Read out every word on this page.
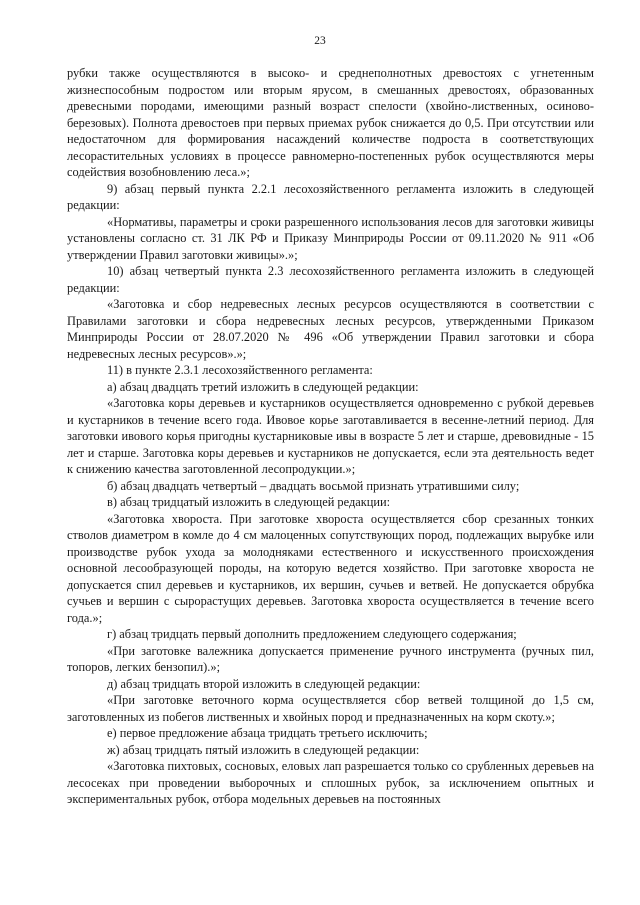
23

рубки также осуществляются в высоко- и среднеполнотных древостоях с угнетенным жизнеспособным подростом или вторым ярусом, в смешанных древостоях, образованных древесными породами, имеющими разный возраст спелости (хвойно-лиственных, осиново-березовых). Полнота древостоев при первых приемах рубок снижается до 0,5. При отсутствии или недостаточном для формирования насаждений количестве подроста в соответствующих лесорастительных условиях в процессе равномерно-постепенных рубок осуществляются меры содействия возобновлению леса.»;

9) абзац первый пункта 2.2.1 лесохозяйственного регламента изложить в следующей редакции:

«Нормативы, параметры и сроки разрешенного использования лесов для заготовки живицы установлены согласно ст. 31 ЛК РФ и Приказу Минприроды России от 09.11.2020 № 911 «Об утверждении Правил заготовки живицы».»;

10) абзац четвертый пункта 2.3 лесохозяйственного регламента изложить в следующей редакции:

«Заготовка и сбор недревесных лесных ресурсов осуществляются в соответствии с Правилами заготовки и сбора недревесных лесных ресурсов, утвержденными Приказом Минприроды России от 28.07.2020 № 496 «Об утверждении Правил заготовки и сбора недревесных лесных ресурсов».»;

11) в пункте 2.3.1 лесохозяйственного регламента:

а) абзац двадцать третий изложить в следующей редакции:

«Заготовка коры деревьев и кустарников осуществляется одновременно с рубкой деревьев и кустарников в течение всего года. Ивовое корье заготавливается в весенне-летний период. Для заготовки ивового корья пригодны кустарниковые ивы в возрасте 5 лет и старше, древовидные - 15 лет и старше. Заготовка коры деревьев и кустарников не допускается, если эта деятельность ведет к снижению качества заготовленной лесопродукции.»;

б) абзац двадцать четвертый – двадцать восьмой признать утратившими силу;

в) абзац тридцатый изложить в следующей редакции:

«Заготовка хвороста. При заготовке хвороста осуществляется сбор срезанных тонких стволов диаметром в комле до 4 см малоценных сопутствующих пород, подлежащих вырубке или производстве рубок ухода за молодняками естественного и искусственного происхождения основной лесообразующей породы, на которую ведется хозяйство. При заготовке хвороста не допускается спил деревьев и кустарников, их вершин, сучьев и ветвей. Не допускается обрубка сучьев и вершин с сырорастущих деревьев. Заготовка хвороста осуществляется в течение всего года.»;

г) абзац тридцать первый дополнить предложением следующего содержания;

«При заготовке валежника допускается применение ручного инструмента (ручных пил, топоров, легких бензопил).»;

д) абзац тридцать второй изложить в следующей редакции:

«При заготовке веточного корма осуществляется сбор ветвей толщиной до 1,5 см, заготовленных из побегов лиственных и хвойных пород и предназначенных на корм скоту.»;

е) первое предложение абзаца тридцать третьего исключить;

ж) абзац тридцать пятый изложить в следующей редакции:

«Заготовка пихтовых, сосновых, еловых лап разрешается только со срубленных деревьев на лесосеках при проведении выборочных и сплошных рубок, за исключением опытных и экспериментальных рубок, отбора модельных деревьев на постоянных
